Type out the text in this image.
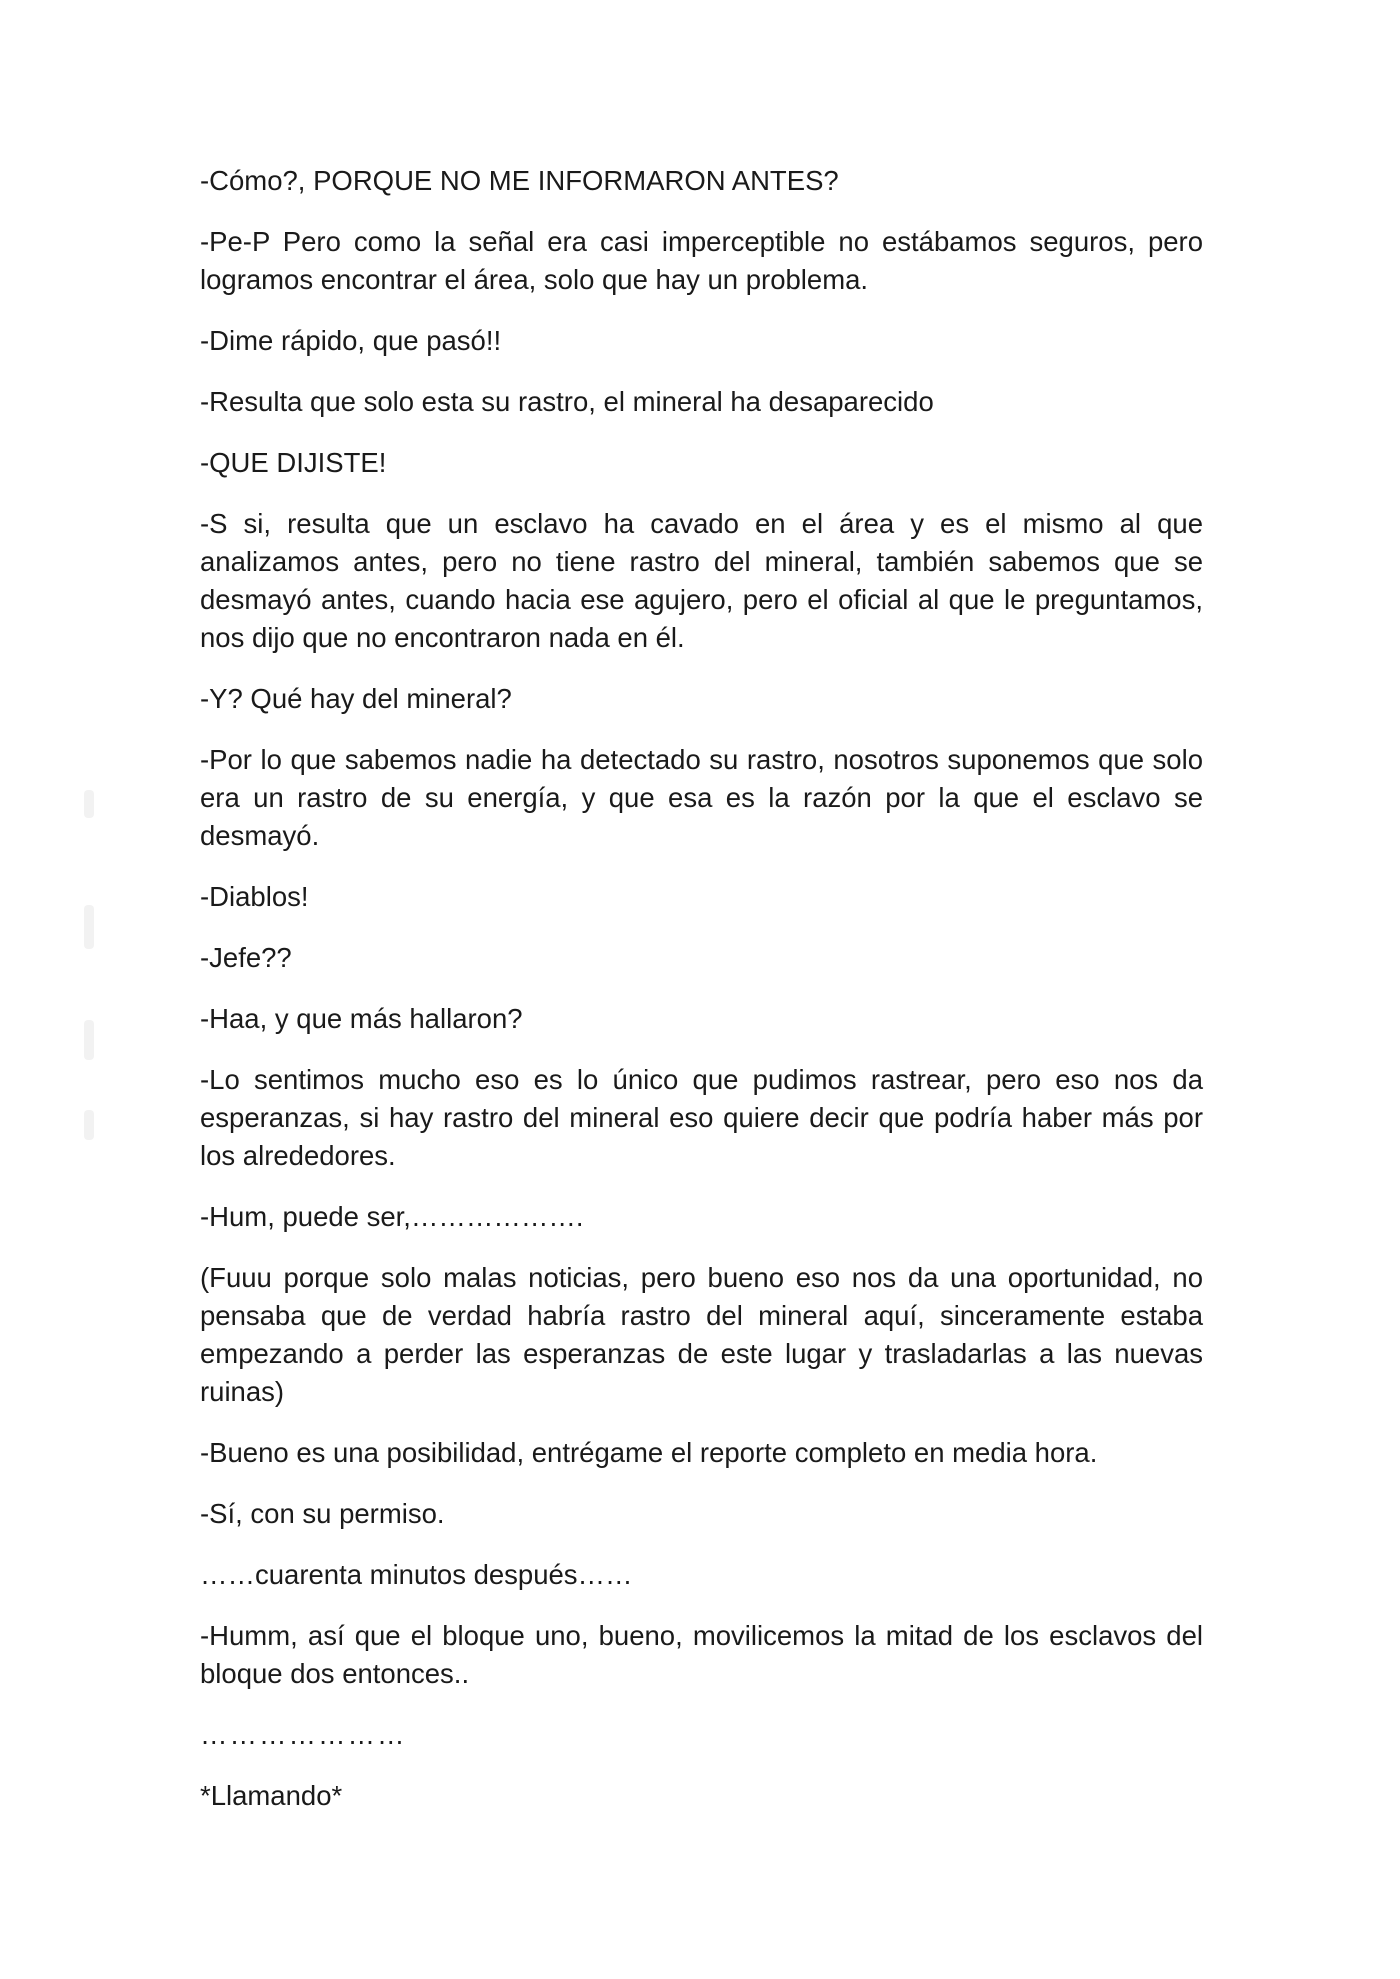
-Cómo?, PORQUE NO ME INFORMARON ANTES?

-Pe-P Pero como la señal era casi imperceptible no estábamos seguros, pero logramos encontrar el área, solo que hay un problema.

-Dime rápido, que pasó!!

-Resulta que solo esta su rastro, el mineral ha desaparecido

-QUE DIJISTE!

-S si, resulta que un esclavo ha cavado en el área y es el mismo al que analizamos antes, pero no tiene rastro del mineral, también sabemos que se desmayó antes, cuando hacia ese agujero, pero el oficial al que le preguntamos, nos dijo que no encontraron nada en él.

-Y? Qué hay del mineral?

-Por lo que sabemos nadie ha detectado su rastro, nosotros suponemos que solo era un rastro de su energía, y que esa es la razón por la que el esclavo se desmayó.

-Diablos!

-Jefe??

-Haa, y que más hallaron?

-Lo sentimos mucho eso es lo único que pudimos rastrear, pero eso nos da esperanzas, si hay rastro del mineral eso quiere decir que podría haber más por los alrededores.

-Hum, puede ser,……………….

(Fuuu porque solo malas noticias, pero bueno eso nos da una oportunidad, no pensaba que de verdad habría rastro del mineral aquí, sinceramente estaba empezando a perder las esperanzas de este lugar y trasladarlas a las nuevas ruinas)

-Bueno es una posibilidad, entrégame el reporte completo en media hora.

-Sí, con su permiso.

……cuarenta minutos después……

-Humm, así que el bloque uno, bueno, movilicemos la mitad de los esclavos del bloque dos entonces..

…………………

*Llamando*
